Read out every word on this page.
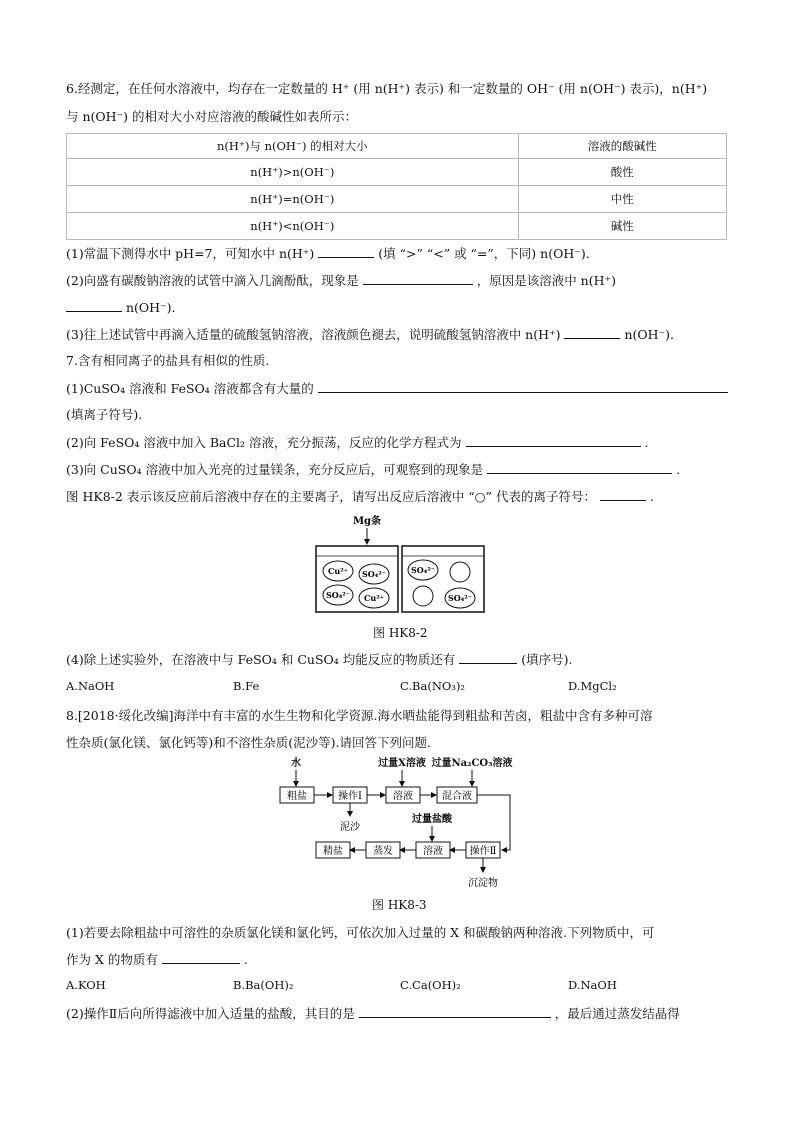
6.经测定，在任何水溶液中，均存在一定数量的 H⁺ (用 n(H⁺) 表示) 和一定数量的 OH⁻ (用 n(OH⁻) 表示)，n(H⁺)
与 n(OH⁻) 的相对大小对应溶液的酸碱性如表所示：
n(H⁺)与 n(OH⁻) 的相对大小	溶液的酸碱性
n(H⁺)>n(OH⁻)	酸性
n(H⁺)=n(OH⁻)	中性
n(H⁺)<n(OH⁻)	碱性
(1)常温下测得水中 pH=7，可知水中 n(H⁺)	(填 “>” “<” 或 “=”，下同) n(OH⁻).
(2)向盛有碳酸钠溶液的试管中滴入几滴酚酞，现象是	，原因是该溶液中 n(H⁺)
n(OH⁻).
(3)往上述试管中再滴入适量的硫酸氢钠溶液，溶液颜色褪去，说明硫酸氢钠溶液中 n(H⁺)	n(OH⁻).
7.含有相同离子的盐具有相似的性质.
(1)CuSO₄ 溶液和 FeSO₄ 溶液都含有大量的
(填离子符号).
(2)向 FeSO₄ 溶液中加入 BaCl₂ 溶液，充分振荡，反应的化学方程式为	.
(3)向 CuSO₄ 溶液中加入光亮的过量镁条，充分反应后，可观察到的现象是	.
图 HK8-2 表示该反应前后溶液中存在的主要离子，请写出反应后溶液中 “○” 代表的离子符号：	.
Mg条
Cu²⁺ SO₄²⁻
SO₄²⁻ Cu²⁺
SO₄²⁻
SO₄²⁻
图 HK8-2
(4)除上述实验外，在溶液中与 FeSO₄ 和 CuSO₄ 均能反应的物质还有	(填序号).
A.NaOH	B.Fe	C.Ba(NO₃)₂	D.MgCl₂
8.[2018·绥化改编]海洋中有丰富的水生生物和化学资源.海水晒盐能得到粗盐和苦卤，粗盐中含有多种可溶
性杂质(氯化镁、氯化钙等)和不溶性杂质(泥沙等).请回答下列问题.
水	过量X溶液 过量Na₂CO₃溶液
粗盐	操作Ⅰ	溶液	混合液
泥沙
过量盐酸
操作Ⅱ
溶液
蒸发
精盐
沉淀物
图 HK8-3
(1)若要去除粗盐中可溶性的杂质氯化镁和氯化钙，可依次加入过量的 X 和碳酸钠两种溶液.下列物质中，可
作为 X 的物质有	.
A.KOH	B.Ba(OH)₂	C.Ca(OH)₂	D.NaOH
(2)操作Ⅱ后向所得滤液中加入适量的盐酸，其目的是	，最后通过蒸发结晶得
